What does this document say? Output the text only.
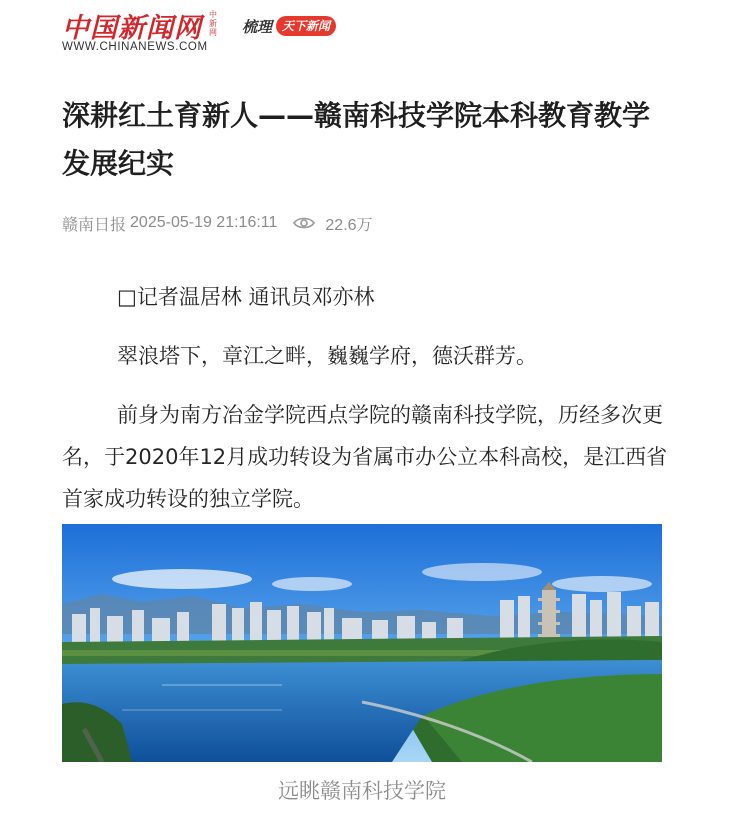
中国新闻网 中新网
WWW.CHINANEWS.COM
梳理 天下新闻
深耕红土育新人——赣南科技学院本科教育教学发展纪实
赣南日报 2025-05-19 21:16:11	22.6万

□记者温居林 通讯员邓亦林

翠浪塔下，章江之畔，巍巍学府，德沃群芳。

前身为南方冶金学院西点学院的赣南科技学院，历经多次更名，于2020年12月成功转设为省属市办公立本科高校，是江西省首家成功转设的独立学院。

远眺赣南科技学院
